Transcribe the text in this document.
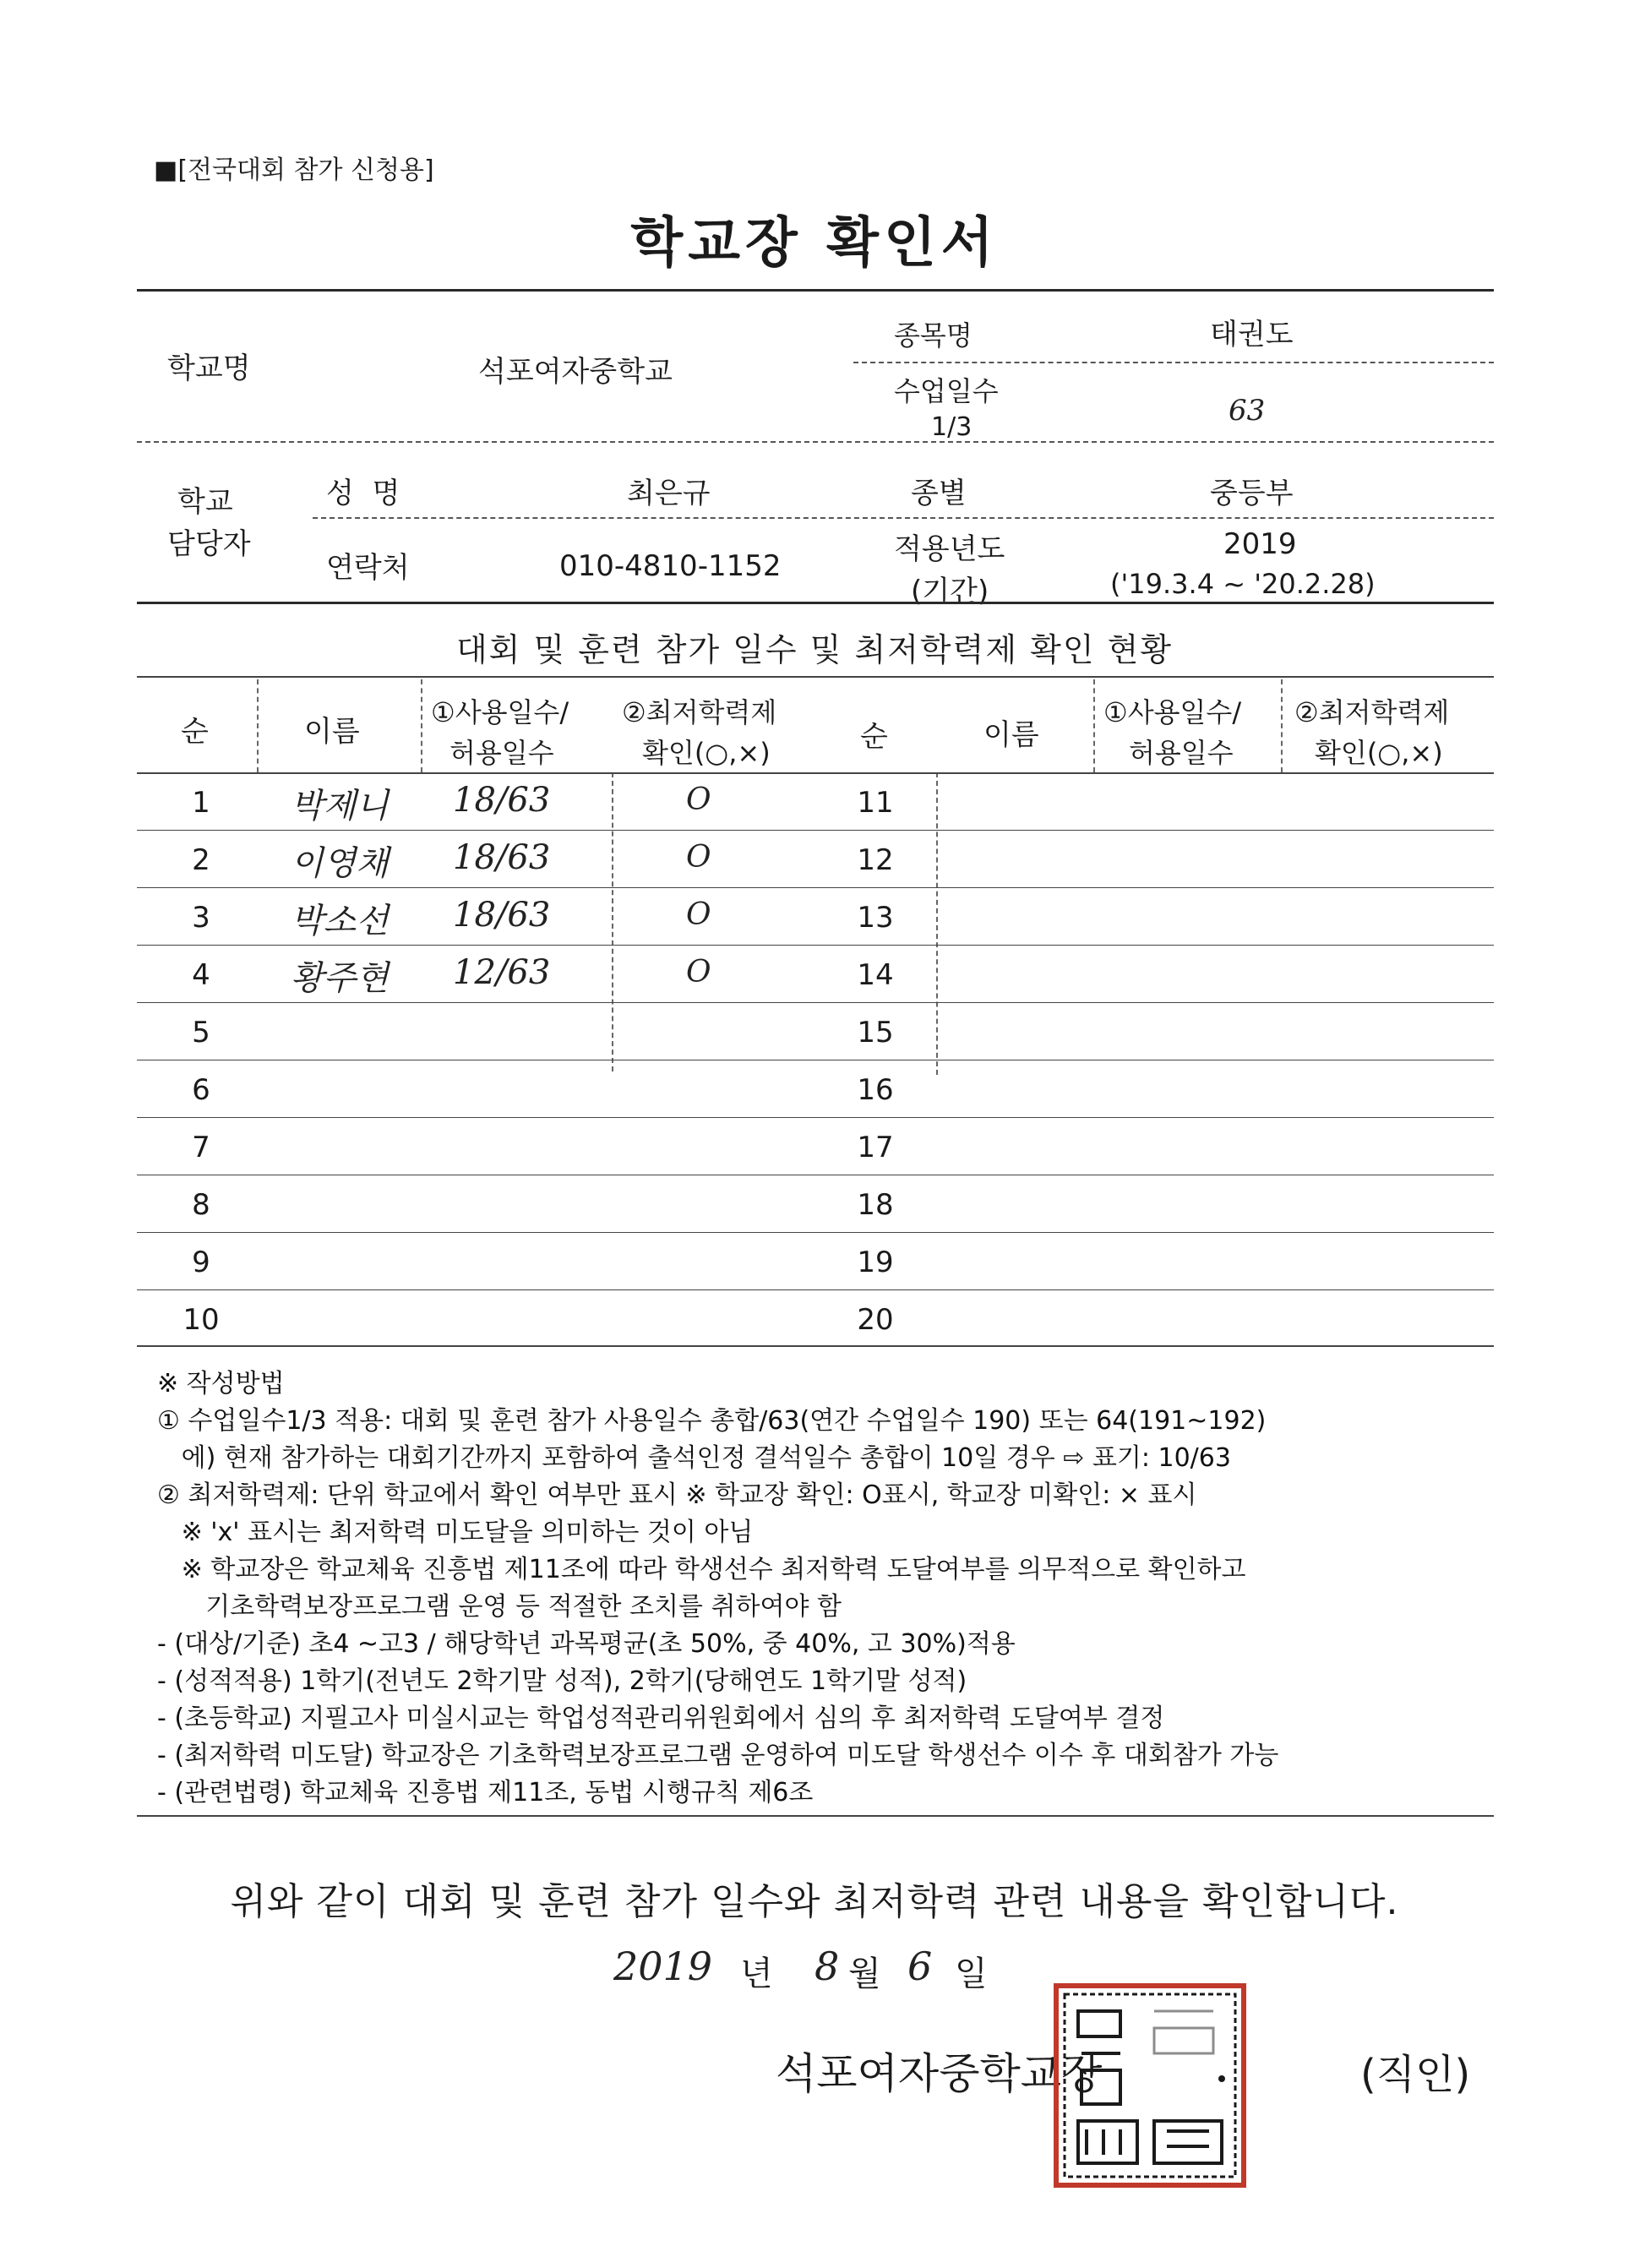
■[전국대회 참가 신청용]
학교장 확인서
학교명	석포여자중학교
종목명	태권도
수업일수
1/3	63
학교
담당자
성  명	최은규	종별	중등부
연락처	010-4810-1152	적용년도
(기간)
2019
('19.3.4 ~ '20.2.28)
대회 및 훈련 참가 일수 및 최저학력제 확인 현황
순	이름
①사용일수/
허용일수
②최저학력제
확인(○,×)	순	이름
①사용일수/
허용일수
②최저학력제
확인(○,×)
1	박제니 18/63	O	11
2	이영채 18/63	O	12
3	박소선 18/63	O	13
4	황주현 12/63	O	14
5	15
6	16
7	17
8	18
9	19
10	20
※ 작성방법
① 수업일수1/3 적용: 대회 및 훈련 참가 사용일수 총합/63(연간 수업일수 190) 또는 64(191~192)
에) 현재 참가하는 대회기간까지 포함하여 출석인정 결석일수 총합이 10일 경우 ⇨ 표기: 10/63
② 최저학력제: 단위 학교에서 확인 여부만 표시 ※ 학교장 확인: O표시, 학교장 미확인: × 표시
※ 'x' 표시는 최저학력 미도달을 의미하는 것이 아님
※ 학교장은 학교체육 진흥법 제11조에 따라 학생선수 최저학력 도달여부를 의무적으로 확인하고
기초학력보장프로그램 운영 등 적절한 조치를 취하여야 함
- (대상/기준) 초4 ~고3 / 해당학년 과목평균(초 50%, 중 40%, 고 30%)적용
- (성적적용) 1학기(전년도 2학기말 성적), 2학기(당해연도 1학기말 성적)
- (초등학교) 지필고사 미실시교는 학업성적관리위원회에서 심의 후 최저학력 도달여부 결정
- (최저학력 미도달) 학교장은 기초학력보장프로그램 운영하여 미도달 학생선수 이수 후 대회참가 가능
- (관련법령) 학교체육 진흥법 제11조, 동법 시행규칙 제6조
위와 같이 대회 및 훈련 참가 일수와 최저학력 관련 내용을 확인합니다.
2019 년 8 월 6 일
석포여자중학교장	(직인)
